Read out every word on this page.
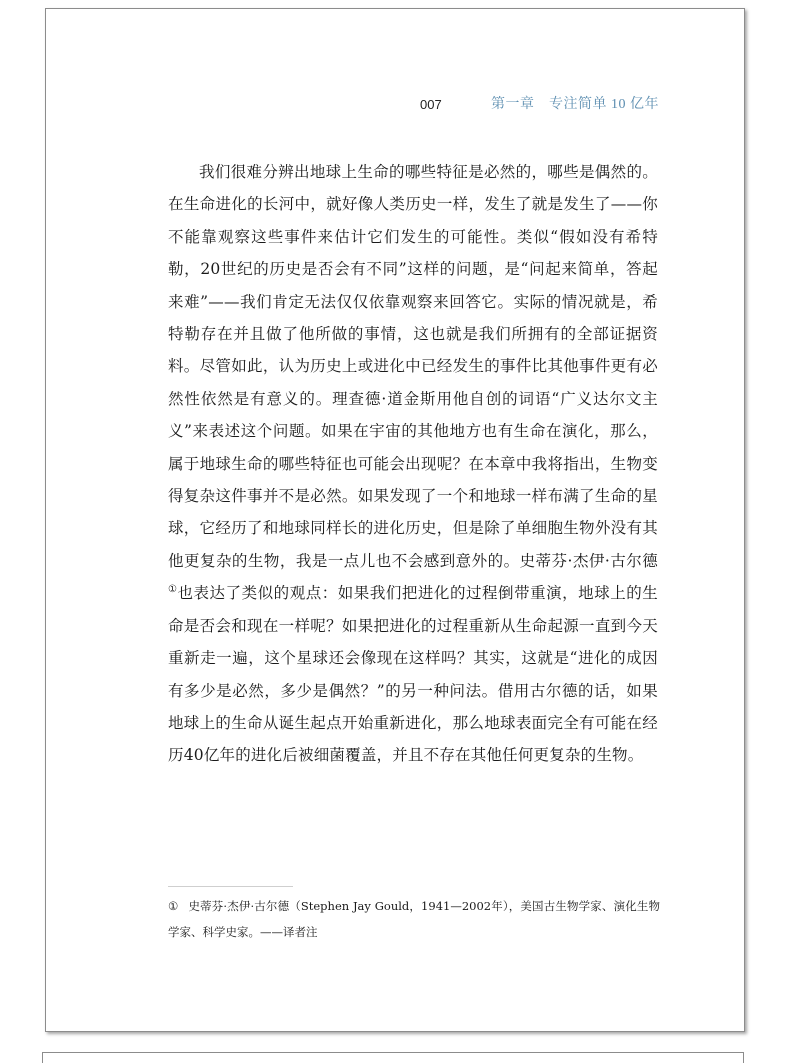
007	第一章　专注简单 10 亿年

我们很难分辨出地球上生命的哪些特征是必然的，哪些是偶然的。在生命进化的长河中，就好像人类历史一样，发生了就是发生了——你不能靠观察这些事件来估计它们发生的可能性。类似“假如没有希特勒，20世纪的历史是否会有不同”这样的问题，是“问起来简单，答起来难”——我们肯定无法仅仅依靠观察来回答它。实际的情况就是，希特勒存在并且做了他所做的事情，这也就是我们所拥有的全部证据资料。尽管如此，认为历史上或进化中已经发生的事件比其他事件更有必然性依然是有意义的。理查德·道金斯用他自创的词语“广义达尔文主义”来表述这个问题。如果在宇宙的其他地方也有生命在演化，那么，属于地球生命的哪些特征也可能会出现呢？在本章中我将指出，生物变得复杂这件事并不是必然。如果发现了一个和地球一样布满了生命的星球，它经历了和地球同样长的进化历史，但是除了单细胞生物外没有其他更复杂的生物，我是一点儿也不会感到意外的。史蒂芬·杰伊·古尔德①也表达了类似的观点：如果我们把进化的过程倒带重演，地球上的生命是否会和现在一样呢？如果把进化的过程重新从生命起源一直到今天重新走一遍，这个星球还会像现在这样吗？其实，这就是“进化的成因有多少是必然，多少是偶然？”的另一种问法。借用古尔德的话，如果地球上的生命从诞生起点开始重新进化，那么地球表面完全有可能在经历40亿年的进化后被细菌覆盖，并且不存在其他任何更复杂的生物。

① 史蒂芬·杰伊·古尔德（Stephen Jay Gould，1941—2002年），美国古生物学家、演化生物学家、科学史家。——译者注
